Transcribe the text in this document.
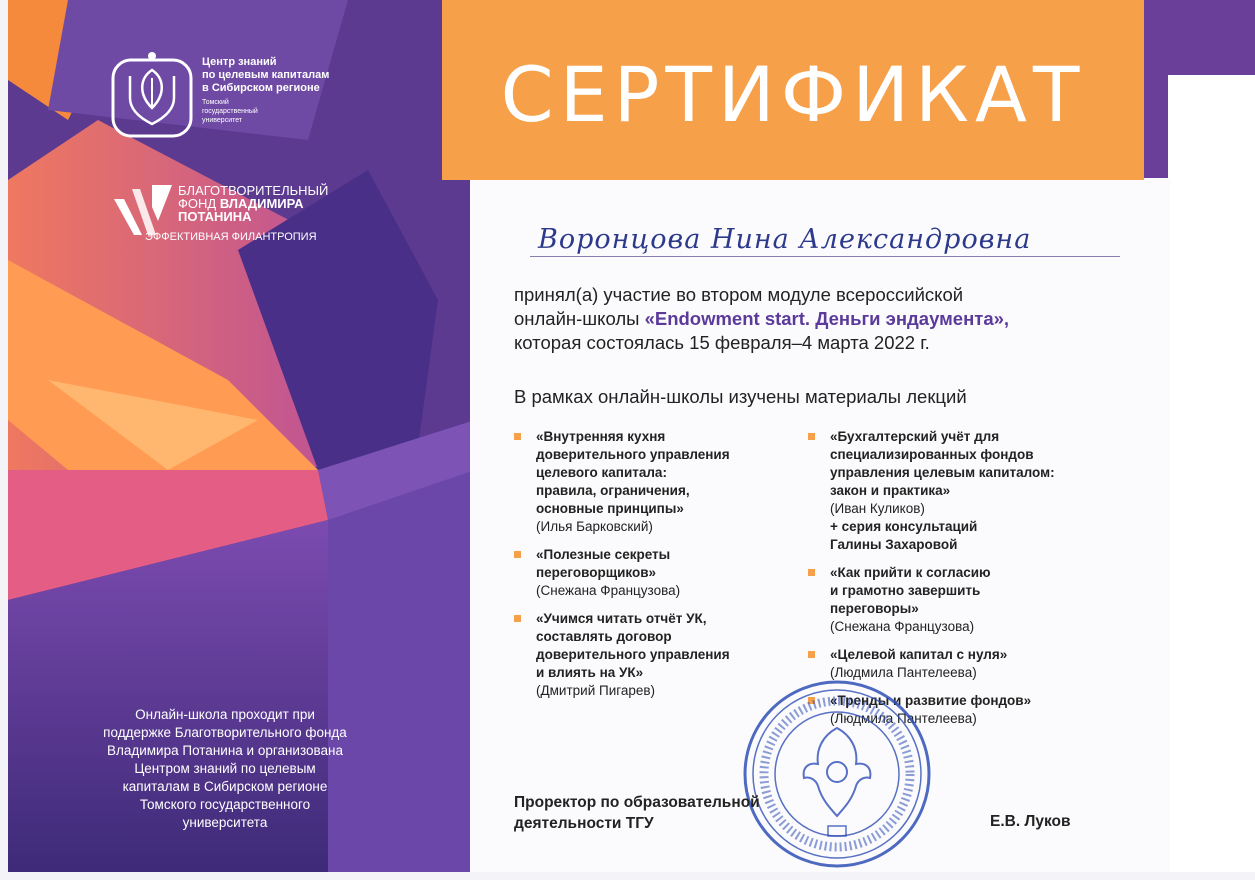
СЕРТИФИКАТ
Центр знаний
по целевым капиталам
в Сибирском регионе
Томский
государственный
университет
БЛАГОТВОРИТЕЛЬНЫЙ
ФОНД ВЛАДИМИРА
ПОТАНИНА
ЭФФЕКТИВНАЯ ФИЛАНТРОПИЯ
Онлайн-школа проходит при поддержке Благотворительного фонда Владимира Потанина и организована Центром знаний по целевым капиталам в Сибирском регионе Томского государственного университета
Воронцова Нина Александровна
принял(а) участие во втором модуле всероссийской
онлайн-школы «Endowment start. Деньги эндаумента»,
которая состоялась 15 февраля–4 марта 2022 г.
В рамках онлайн-школы изучены материалы лекций
«Внутренняя кухня
доверительного управления
целевого капитала:
правила, ограничения,
основные принципы»
(Илья Барковский)
«Полезные секреты
переговорщиков»
(Снежана Французова)
«Учимся читать отчёт УК,
составлять договор
доверительного управления
и влиять на УК»
(Дмитрий Пигарев)
«Бухгалтерский учёт для
специализированных фондов
управления целевым капиталом:
закон и практика»
(Иван Куликов)
+ серия консультаций
Галины Захаровой
«Как прийти к согласию
и грамотно завершить
переговоры»
(Снежана Французова)
«Целевой капитал с нуля»
(Людмила Пантелеева)
«Тренды и развитие фондов»
(Людмила Пантелеева)
Проректор по образовательной
деятельности ТГУ	Е.В. Луков
